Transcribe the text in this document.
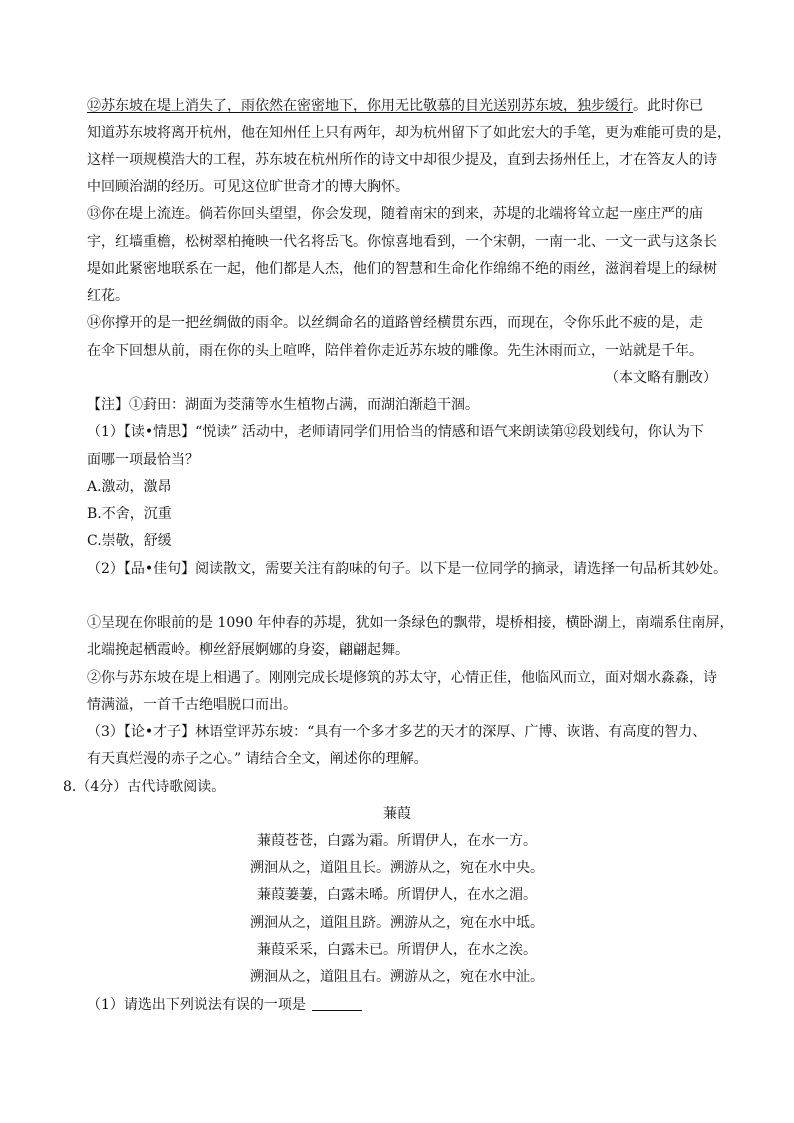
⑫苏东坡在堤上消失了，雨依然在密密地下，你用无比敬慕的目光送别苏东坡，独步缓行。此时你已
知道苏东坡将离开杭州，他在知州任上只有两年，却为杭州留下了如此宏大的手笔，更为难能可贵的是，
这样一项规模浩大的工程，苏东坡在杭州所作的诗文中却很少提及，直到去扬州任上，才在答友人的诗
中回顾治湖的经历。可见这位旷世奇才的博大胸怀。
⑬你在堤上流连。倘若你回头望望，你会发现，随着南宋的到来，苏堤的北端将耸立起一座庄严的庙
宇，红墙重檐，松树翠柏掩映一代名将岳飞。你惊喜地看到，一个宋朝，一南一北、一文一武与这条长
堤如此紧密地联系在一起，他们都是人杰，他们的智慧和生命化作绵绵不绝的雨丝，滋润着堤上的绿树
红花。
⑭你撑开的是一把丝绸做的雨伞。以丝绸命名的道路曾经横贯东西，而现在，令你乐此不疲的是，走
在伞下回想从前，雨在你的头上喧哗，陪伴着你走近苏东坡的雕像。先生沐雨而立，一站就是千年。
（本文略有删改）
【注】①葑田：湖面为茭蒲等水生植物占满，而湖泊渐趋干涸。
（1）【读•情思】“悦读” 活动中，老师请同学们用恰当的情感和语气来朗读第⑫段划线句，你认为下
面哪一项最恰当？
A.激动，激昂
B.不舍，沉重
C.崇敬，舒缓
（2）【品•佳句】阅读散文，需要关注有韵味的句子。以下是一位同学的摘录，请选择一句品析其妙处。
①呈现在你眼前的是 1090 年仲春的苏堤，犹如一条绿色的飘带，堤桥相接，横卧湖上，南端系住南屏，
北端挽起栖霞岭。柳丝舒展婀娜的身姿，翩翩起舞。
②你与苏东坡在堤上相遇了。刚刚完成长堤修筑的苏太守，心情正佳，他临风而立，面对烟水淼淼，诗
情满溢，一首千古绝唱脱口而出。
（3）【论•才子】林语堂评苏东坡：“具有一个多才多艺的天才的深厚、广博、诙谐、有高度的智力、
有天真烂漫的赤子之心。” 请结合全文，阐述你的理解。
8.（4分）古代诗歌阅读。
蒹葭
蒹葭苍苍，白露为霜。所谓伊人，在水一方。
溯洄从之，道阻且长。溯游从之，宛在水中央。
蒹葭萋萋，白露未晞。所谓伊人，在水之湄。
溯洄从之，道阻且跻。溯游从之，宛在水中坻。
蒹葭采采，白露未已。所谓伊人，在水之涘。
溯洄从之，道阻且右。溯游从之，宛在水中沚。
（1）请选出下列说法有误的一项是
